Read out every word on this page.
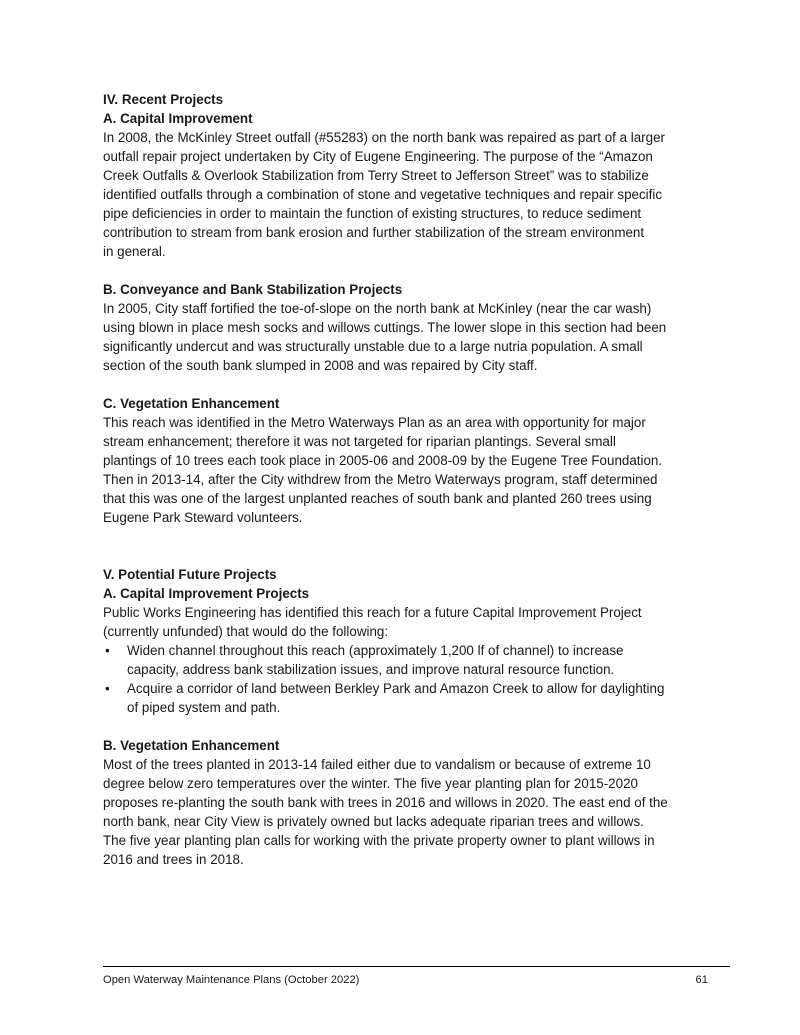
IV. Recent Projects
A. Capital Improvement
In 2008, the McKinley Street outfall (#55283) on the north bank was repaired as part of a larger
outfall repair project undertaken by City of Eugene Engineering. The purpose of the “Amazon
Creek Outfalls & Overlook Stabilization from Terry Street to Jefferson Street” was to stabilize
identified outfalls through a combination of stone and vegetative techniques and repair specific
pipe deficiencies in order to maintain the function of existing structures, to reduce sediment
contribution to stream from bank erosion and further stabilization of the stream environment
in general.
B. Conveyance and Bank Stabilization Projects
In 2005, City staff fortified the toe-of-slope on the north bank at McKinley (near the car wash)
using blown in place mesh socks and willows cuttings. The lower slope in this section had been
significantly undercut and was structurally unstable due to a large nutria population. A small
section of the south bank slumped in 2008 and was repaired by City staff.
C. Vegetation Enhancement
This reach was identified in the Metro Waterways Plan as an area with opportunity for major
stream enhancement; therefore it was not targeted for riparian plantings. Several small
plantings of 10 trees each took place in 2005-06 and 2008-09 by the Eugene Tree Foundation.
Then in 2013-14, after the City withdrew from the Metro Waterways program, staff determined
that this was one of the largest unplanted reaches of south bank and planted 260 trees using
Eugene Park Steward volunteers.
V. Potential Future Projects
A. Capital Improvement Projects
Public Works Engineering has identified this reach for a future Capital Improvement Project
(currently unfunded) that would do the following:
• Widen channel throughout this reach (approximately 1,200 lf of channel) to increase
capacity, address bank stabilization issues, and improve natural resource function.
• Acquire a corridor of land between Berkley Park and Amazon Creek to allow for daylighting
of piped system and path.
B. Vegetation Enhancement
Most of the trees planted in 2013-14 failed either due to vandalism or because of extreme 10
degree below zero temperatures over the winter. The five year planting plan for 2015-2020
proposes re-planting the south bank with trees in 2016 and willows in 2020. The east end of the
north bank, near City View is privately owned but lacks adequate riparian trees and willows.
The five year planting plan calls for working with the private property owner to plant willows in
2016 and trees in 2018.
Open Waterway Maintenance Plans (October 2022)	61
